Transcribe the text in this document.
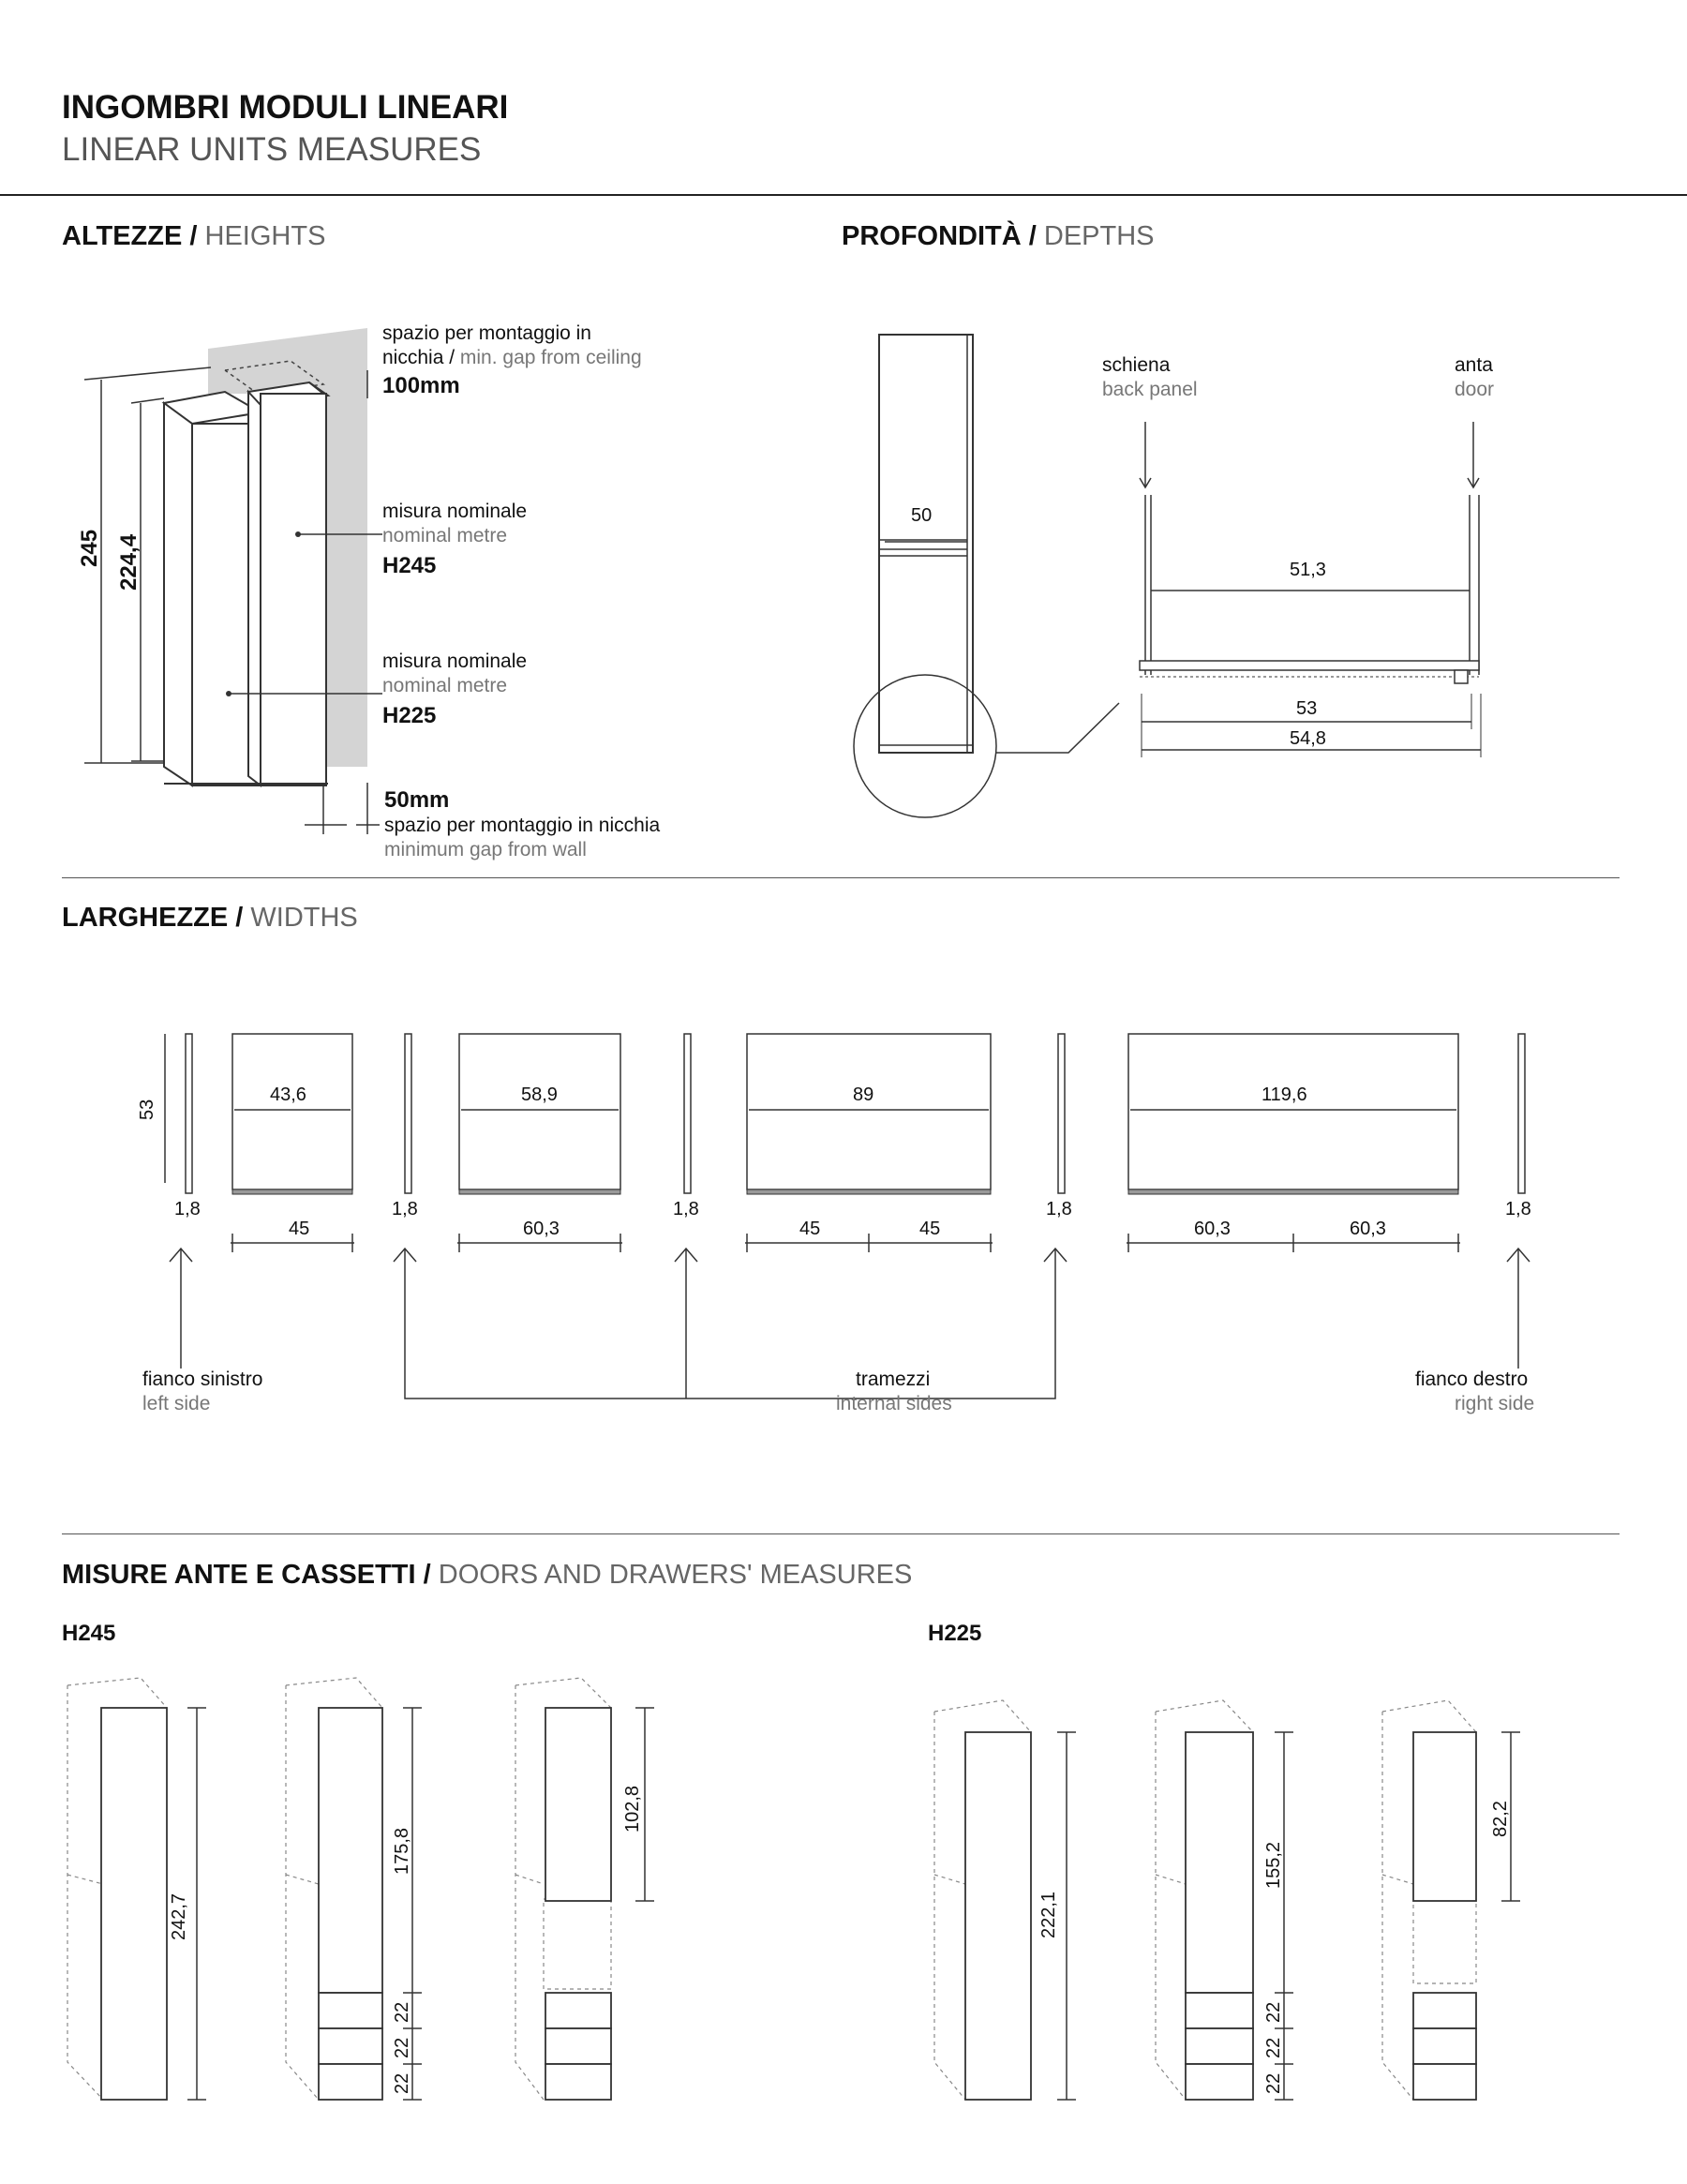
INGOMBRI MODULI LINEARI
LINEAR UNITS MEASURES
ALTEZZE / HEIGHTS
245 224,4
spazio per montaggio in
nicchia / min. gap from ceiling
100mm
misura nominale
nominal metre
H245
misura nominale
nominal metre
H225
50mm
spazio per montaggio in nicchia
minimum gap from wall
PROFONDITÀ / DEPTHS
50
schiena
back panel
anta
door
51,3
53
54,8
LARGHEZZE / WIDTHS
53
43,6	58,9	89	119,6
1,8	1,8	1,8	1,8	1,8
45	60,3	45	45	60,3	60,3
fianco sinistro
left side
tramezzi
internal sides
fianco destro
right side
MISURE ANTE E CASSETTI / DOORS AND DRAWERS' MEASURES
H245	H225
242,7
175,8
102,8
222,1
155,2
82,2
22
22
22
22
22
22
